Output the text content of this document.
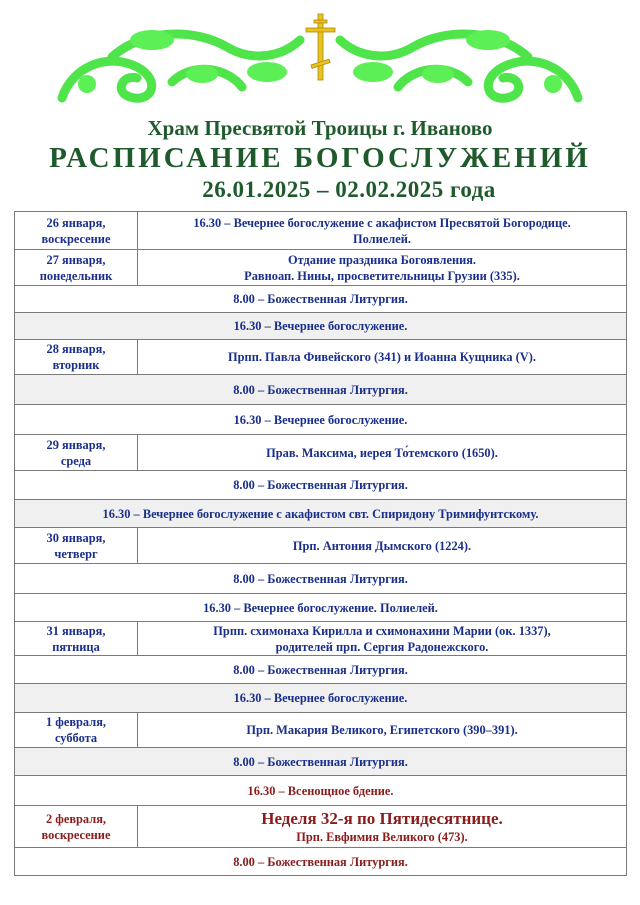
Храм Пресвятой Троицы г. Иваново
РАСПИСАНИЕ БОГОСЛУЖЕНИЙ
26.01.2025 – 02.02.2025 года
26 января,
воскресение	16.30 – Вечернее богослужение с акафистом Пресвятой Богородице.
Полиелей.
27 января,
понедельник	Отдание праздника Богоявления.
Равноап. Нины, просветительницы Грузии (335).
8.00 – Божественная Литургия.	
16.30 – Вечернее богослужение.	
28 января,
вторник	Прпп. Павла Фивейского (341) и Иоанна Кущника (V).
8.00 – Божественная Литургия.	
16.30 – Вечернее богослужение.	
29 января,
среда	Прав. Максима, иерея То́темского (1650).
8.00 – Божественная Литургия.	
16.30 – Вечернее богослужение с акафистом свт. Спиридону Тримифунтскому.	
30 января,
четверг	Прп. Антония Дымского (1224).
8.00 – Божественная Литургия.	
16.30 – Вечернее богослужение. Полиелей.	
31 января,
пятница	Прпп. схимонаха Кирилла и схимонахини Марии (ок. 1337),
родителей прп. Сергия Радонежского.
8.00 – Божественная Литургия.	
16.30 – Вечернее богослужение.	
1 февраля,
суббота	Прп. Макария Великого, Египетского (390–391).
8.00 – Божественная Литургия.	
16.30 – Всенощное бдение.	
2 февраля,
воскресение	Неделя 32-я по Пятидесятнице.
Прп. Евфимия Великого (473).
8.00 – Божественная Литургия.	
